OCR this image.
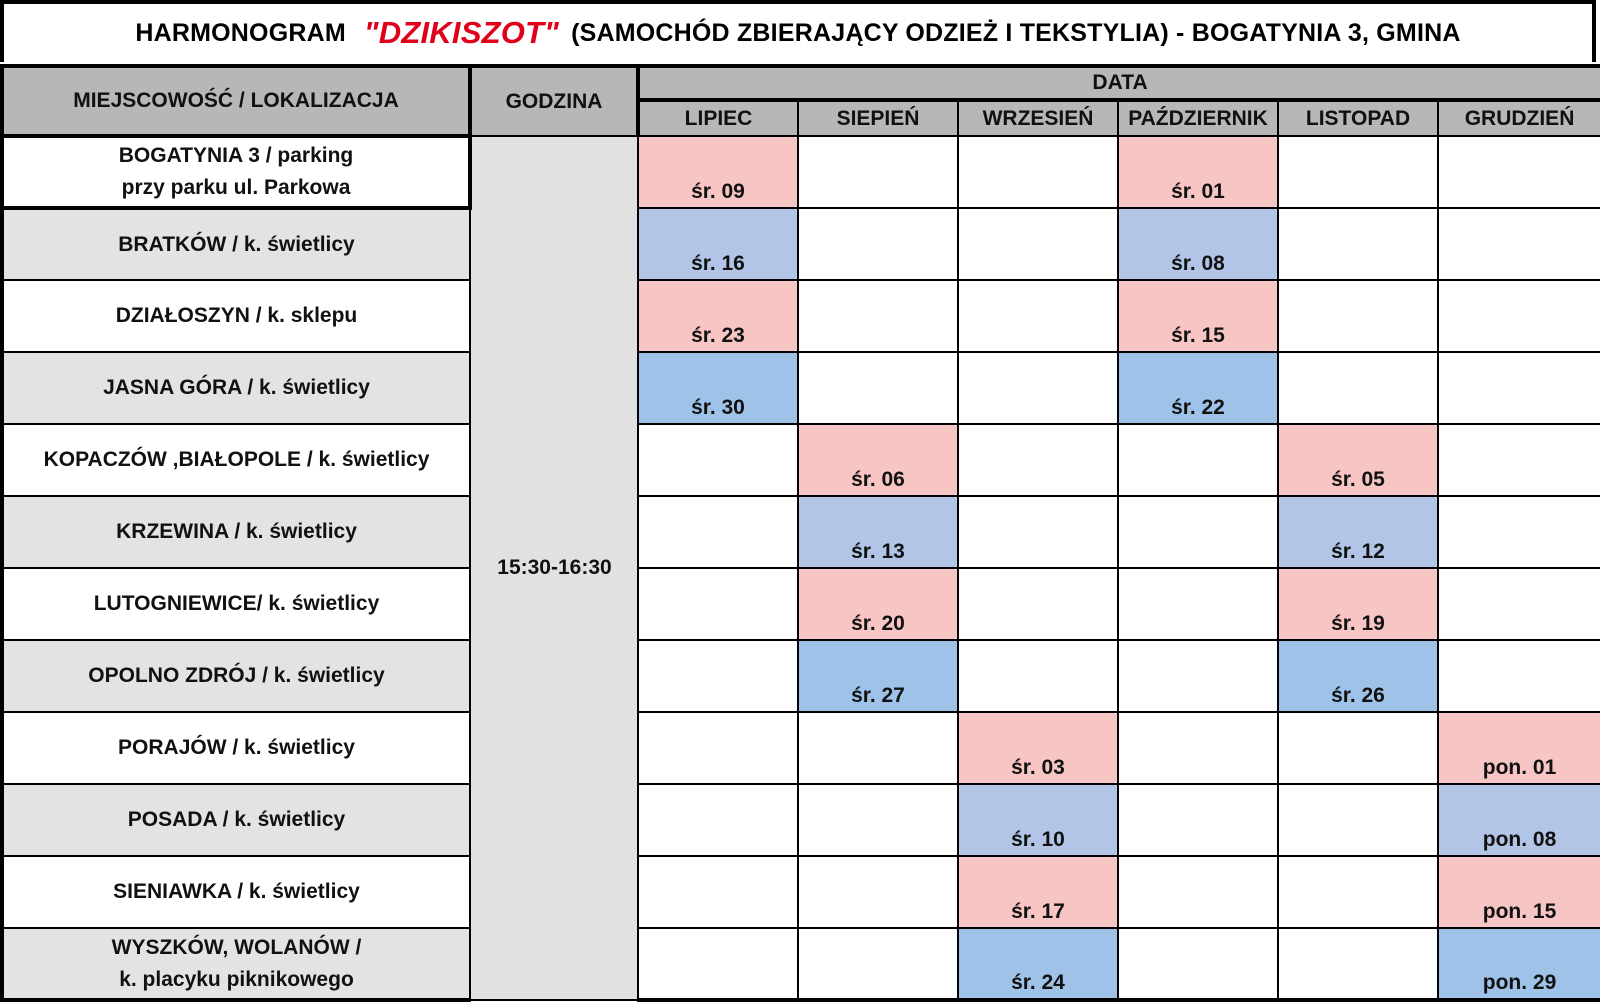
HARMONOGRAM "DZIKISZOT" (SAMOCHÓD ZBIERAJĄCY ODZIEŻ I TEKSTYLIA) - BOGATYNIA 3, GMINA
MIEJSCOWOŚĆ / LOKALIZACJA	GODZINA	DATA					
		LIPIEC	SIEPIEŃ	WRZESIEŃ	PAŹDZIERNIK	LISTOPAD	GRUDZIEŃ

BOGATYNIA 3 / parking
przy parku ul. Parkowa	15:30-16:30	śr. 09			śr. 01		

BRATKÓW / k. świetlicy		śr. 16			śr. 08		

DZIAŁOSZYN / k. sklepu		śr. 23			śr. 15		

JASNA GÓRA / k. świetlicy		śr. 30			śr. 22		

KOPACZÓW ,BIAŁOPOLE / k. świetlicy			śr. 06			śr. 05	

KRZEWINA / k. świetlicy			śr. 13			śr. 12	

LUTOGNIEWICE/ k. świetlicy			śr. 20			śr. 19	

OPOLNO ZDRÓJ / k. świetlicy			śr. 27			śr. 26	

PORAJÓW / k. świetlicy				śr. 03			pon. 01

POSADA / k. świetlicy				śr. 10			pon. 08

SIENIAWKA / k. świetlicy				śr. 17			pon. 15

WYSZKÓW, WOLANÓW /
k. placyku piknikowego				śr. 24			pon. 29
